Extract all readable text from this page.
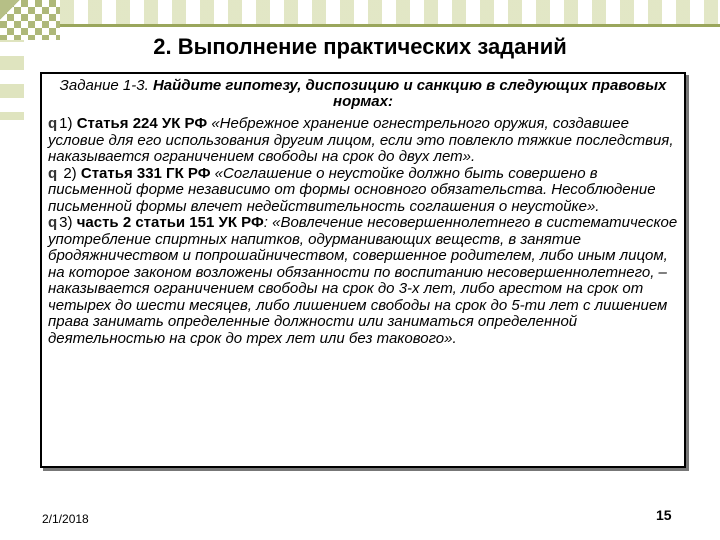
2. Выполнение практических заданий

Задание 1-3. Найдите гипотезу, диспозицию и санкцию в следующих правовых нормах:

q 1) Статья 224 УК РФ «Небрежное хранение огнестрельного оружия, создавшее условие для его использования другим лицом, если это повлекло тяжкие последствия, наказывается ограничением свободы на срок до двух лет».

q 2) Статья 331 ГК РФ «Соглашение о неустойке должно быть совершено в письменной форме независимо от формы основного обязательства. Несоблюдение письменной формы влечет недействительность соглашения о неустойке».

q 3) часть 2 статьи 151 УК РФ: «Вовлечение несовершеннолетнего в систематическое употребление спиртных напитков, одурманивающих веществ, в занятие бродяжничеством и попрошайничеством, совершенное родителем, либо иным лицом, на которое законом возложены обязанности по воспитанию несовершеннолетнего, – наказывается ограничением свободы на срок до 3-х лет, либо арестом на срок от четырех до шести месяцев, либо лишением свободы на срок до 5-ти лет с лишением права занимать определенные должности или заниматься определенной деятельностью на срок до трех лет или без такового».

2/1/2018	15
